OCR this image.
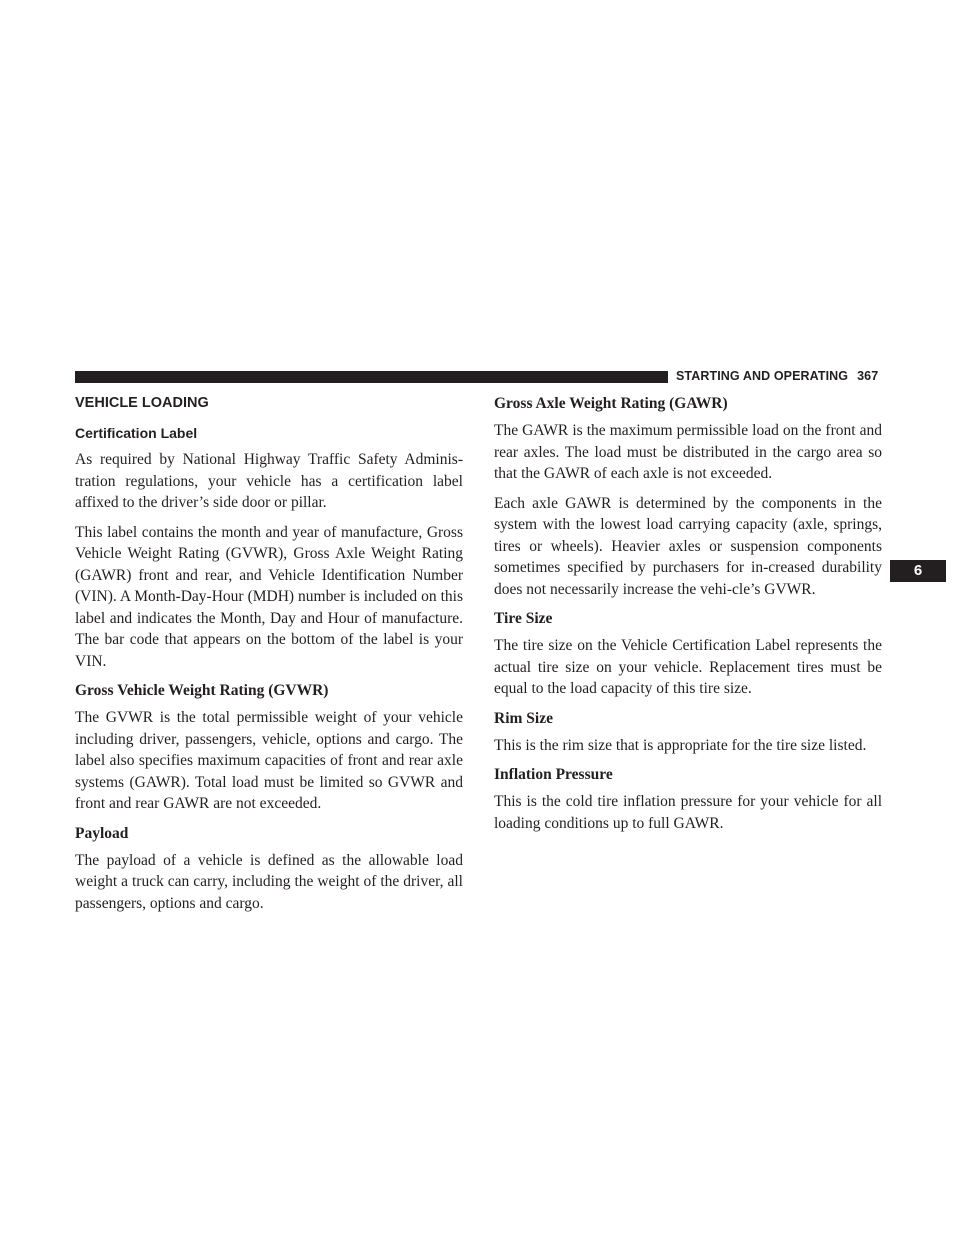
STARTING AND OPERATING 367
VEHICLE LOADING
Certification Label

As required by National Highway Traffic Safety Adminis-tration regulations, your vehicle has a certification label affixed to the driver’s side door or pillar.

This label contains the month and year of manufacture, Gross Vehicle Weight Rating (GVWR), Gross Axle Weight Rating (GAWR) front and rear, and Vehicle Identification Number (VIN). A Month-Day-Hour (MDH) number is included on this label and indicates the Month, Day and Hour of manufacture. The bar code that appears on the bottom of the label is your VIN.

Gross Vehicle Weight Rating (GVWR)

The GVWR is the total permissible weight of your vehicle including driver, passengers, vehicle, options and cargo. The label also specifies maximum capacities of front and rear axle systems (GAWR). Total load must be limited so GVWR and front and rear GAWR are not exceeded.

Payload

The payload of a vehicle is defined as the allowable load weight a truck can carry, including the weight of the driver, all passengers, options and cargo.

Gross Axle Weight Rating (GAWR)

The GAWR is the maximum permissible load on the front and rear axles. The load must be distributed in the cargo area so that the GAWR of each axle is not exceeded.

Each axle GAWR is determined by the components in the system with the lowest load carrying capacity (axle, springs, tires or wheels). Heavier axles or suspension components sometimes specified by purchasers for in-creased durability does not necessarily increase the vehi-cle’s GVWR.

Tire Size

The tire size on the Vehicle Certification Label represents the actual tire size on your vehicle. Replacement tires must be equal to the load capacity of this tire size.

Rim Size

This is the rim size that is appropriate for the tire size listed.

Inflation Pressure

This is the cold tire inflation pressure for your vehicle for all loading conditions up to full GAWR.

6
